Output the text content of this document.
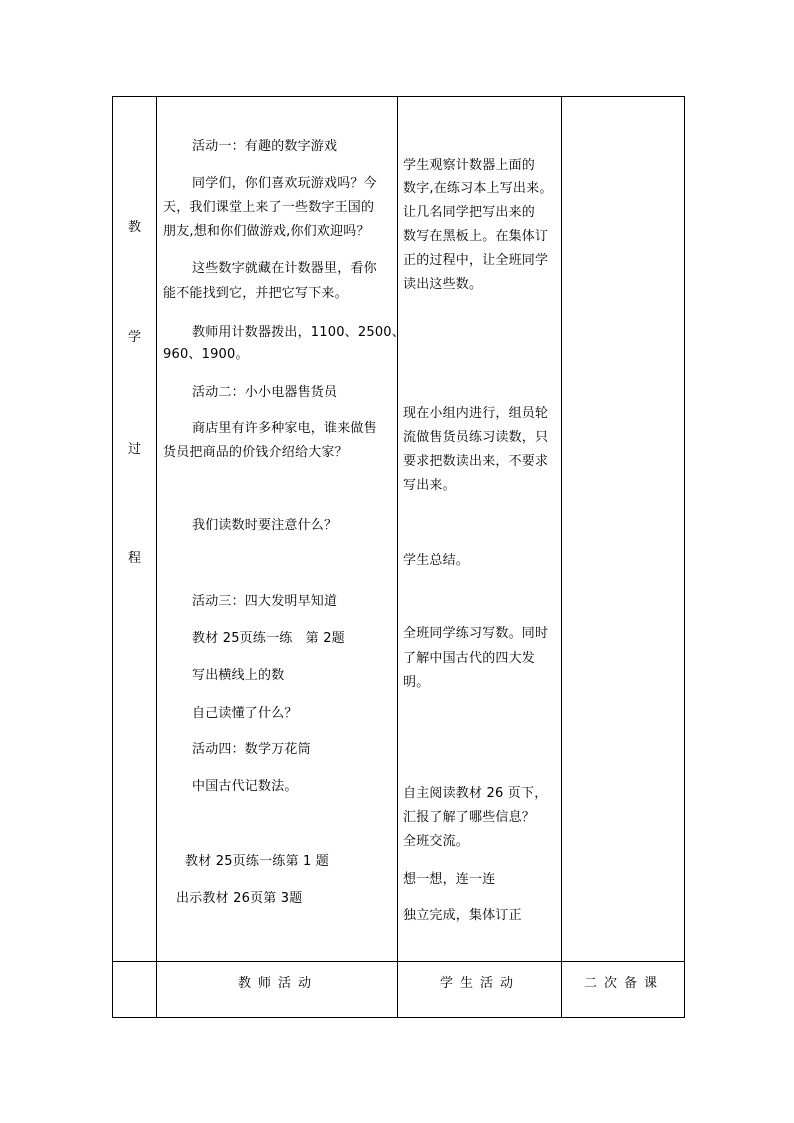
教
学
过
程
活动一：有趣的数字游戏
同学们，你们喜欢玩游戏吗？今
天，我们课堂上来了一些数字王国的
朋友,想和你们做游戏,你们欢迎吗？
这些数字就藏在计数器里，看你
能不能找到它，并把它写下来。
教师用计数器拨出，1100、2500、
960、1900。
活动二：小小电器售货员
商店里有许多种家电，谁来做售
货员把商品的价钱介绍给大家？
我们读数时要注意什么？
活动三：四大发明早知道
教材 25页练一练　第 2题
写出横线上的数
自己读懂了什么？
活动四：数学万花筒
中国古代记数法。
教材 25页练一练第 1 题
出示教材 26页第 3题
学生观察计数器上面的
数字,在练习本上写出来。
让几名同学把写出来的
数写在黑板上。在集体订
正的过程中，让全班同学
读出这些数。
现在小组内进行，组员轮
流做售货员练习读数，只
要求把数读出来，不要求
写出来。
学生总结。
全班同学练习写数。同时
了解中国古代的四大发
明。
自主阅读教材 26 页下，
汇报了解了哪些信息？
全班交流。
想一想，连一连
独立完成，集体订正
教师活动	学生活动	二次备课
